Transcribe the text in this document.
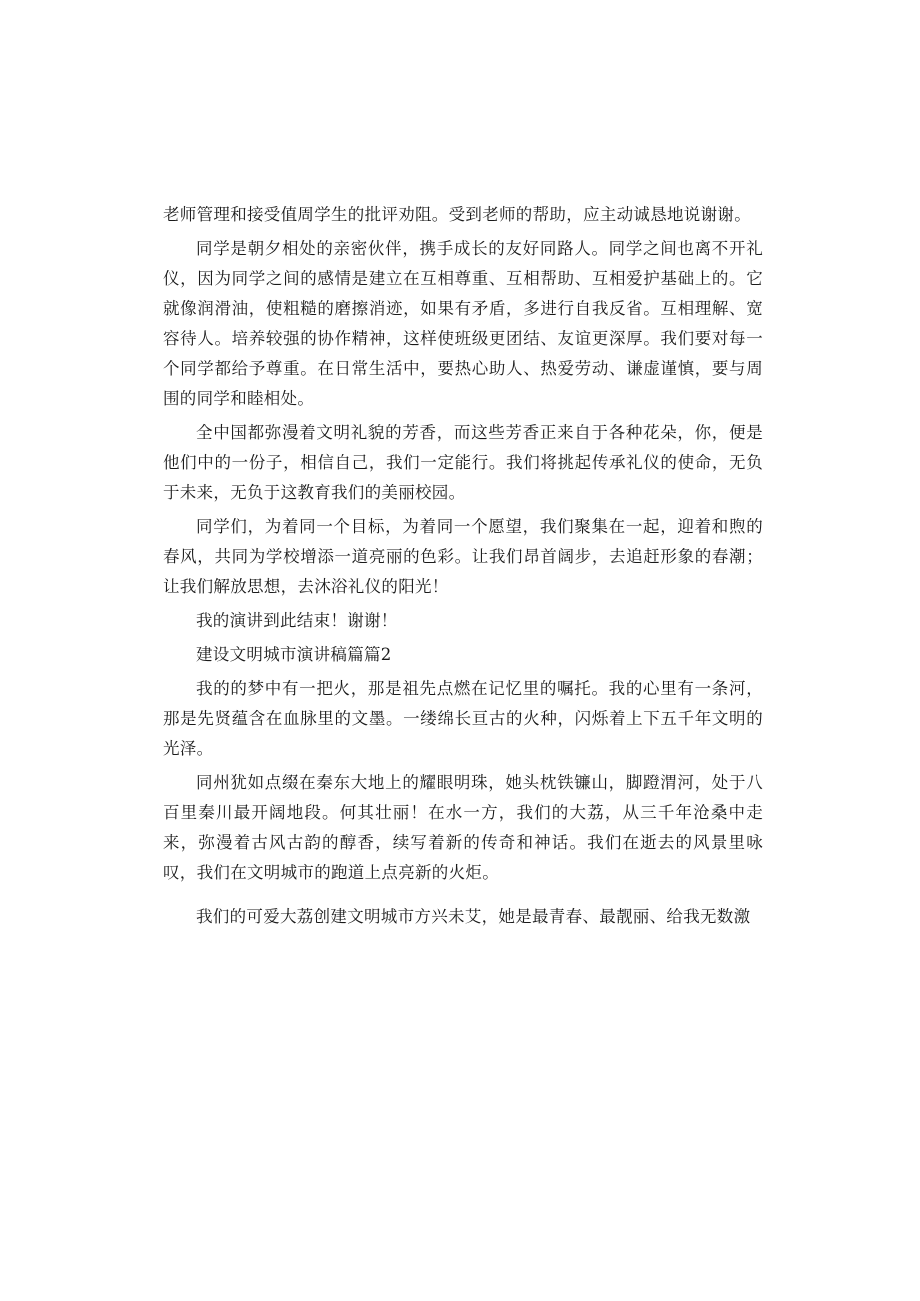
老师管理和接受值周学生的批评劝阻。受到老师的帮助，应主动诚恳地说谢谢。

同学是朝夕相处的亲密伙伴，携手成长的友好同路人。同学之间也离不开礼仪，因为同学之间的感情是建立在互相尊重、互相帮助、互相爱护基础上的。它就像润滑油，使粗糙的磨擦消迹，如果有矛盾，多进行自我反省。互相理解、宽容待人。培养较强的协作精神，这样使班级更团结、友谊更深厚。我们要对每一个同学都给予尊重。在日常生活中，要热心助人、热爱劳动、谦虚谨慎，要与周围的同学和睦相处。

全中国都弥漫着文明礼貌的芳香，而这些芳香正来自于各种花朵，你，便是他们中的一份子，相信自己，我们一定能行。我们将挑起传承礼仪的使命，无负于未来，无负于这教育我们的美丽校园。

同学们，为着同一个目标，为着同一个愿望，我们聚集在一起，迎着和煦的春风，共同为学校增添一道亮丽的色彩。让我们昂首阔步，去追赶形象的春潮；让我们解放思想，去沐浴礼仪的阳光！

我的演讲到此结束！谢谢！

建设文明城市演讲稿篇篇2

我的的梦中有一把火，那是祖先点燃在记忆里的嘱托。我的心里有一条河，那是先贤蕴含在血脉里的文墨。一缕绵长亘古的火种，闪烁着上下五千年文明的光泽。

同州犹如点缀在秦东大地上的耀眼明珠，她头枕铁镰山，脚蹬渭河，处于八百里秦川最开阔地段。何其壮丽！在水一方，我们的大荔，从三千年沧桑中走来，弥漫着古风古韵的醇香，续写着新的传奇和神话。我们在逝去的风景里咏叹，我们在文明城市的跑道上点亮新的火炬。

我们的可爱大荔创建文明城市方兴未艾，她是最青春、最靓丽、给我无数激
